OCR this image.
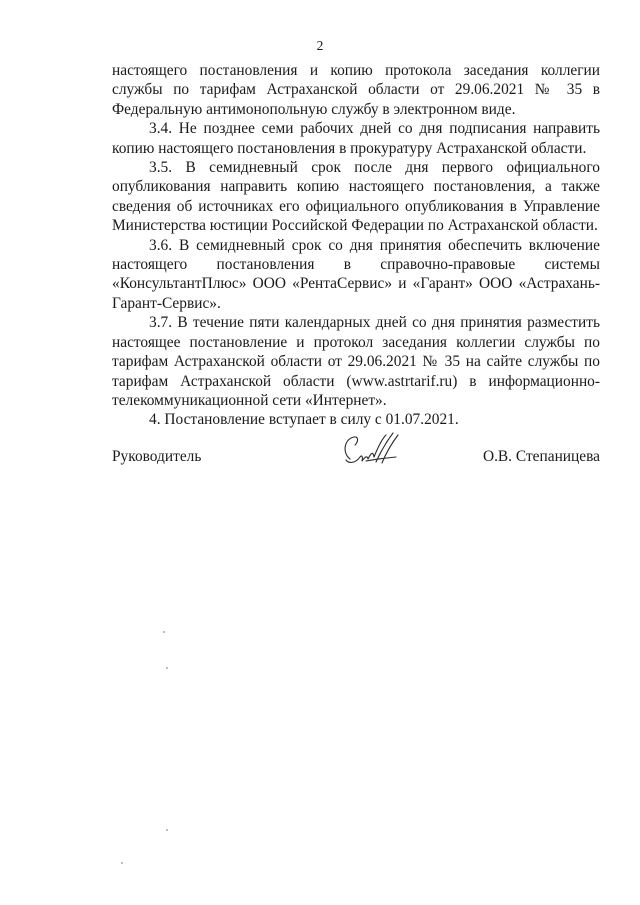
2

настоящего постановления и копию протокола заседания коллегии службы по тарифам Астраханской области от 29.06.2021 № 35 в Федеральную антимонопольную службу в электронном виде.

3.4. Не позднее семи рабочих дней со дня подписания направить копию настоящего постановления в прокуратуру Астраханской области.

3.5. В семидневный срок после дня первого официального опубликования направить копию настоящего постановления, а также сведения об источниках его официального опубликования в Управление Министерства юстиции Российской Федерации по Астраханской области.

3.6. В семидневный срок со дня принятия обеспечить включение настоящего постановления в справочно-правовые системы «КонсультантПлюс» ООО «РентаСервис» и «Гарант» ООО «Астрахань-Гарант-Сервис».

3.7. В течение пяти календарных дней со дня принятия разместить настоящее постановление и протокол заседания коллегии службы по тарифам Астраханской области от 29.06.2021 № 35 на сайте службы по тарифам Астраханской области (www.astrtarif.ru) в информационно-телекоммуникационной сети «Интернет».

4. Постановление вступает в силу с 01.07.2021.

Руководитель	О.В. Степаницева
